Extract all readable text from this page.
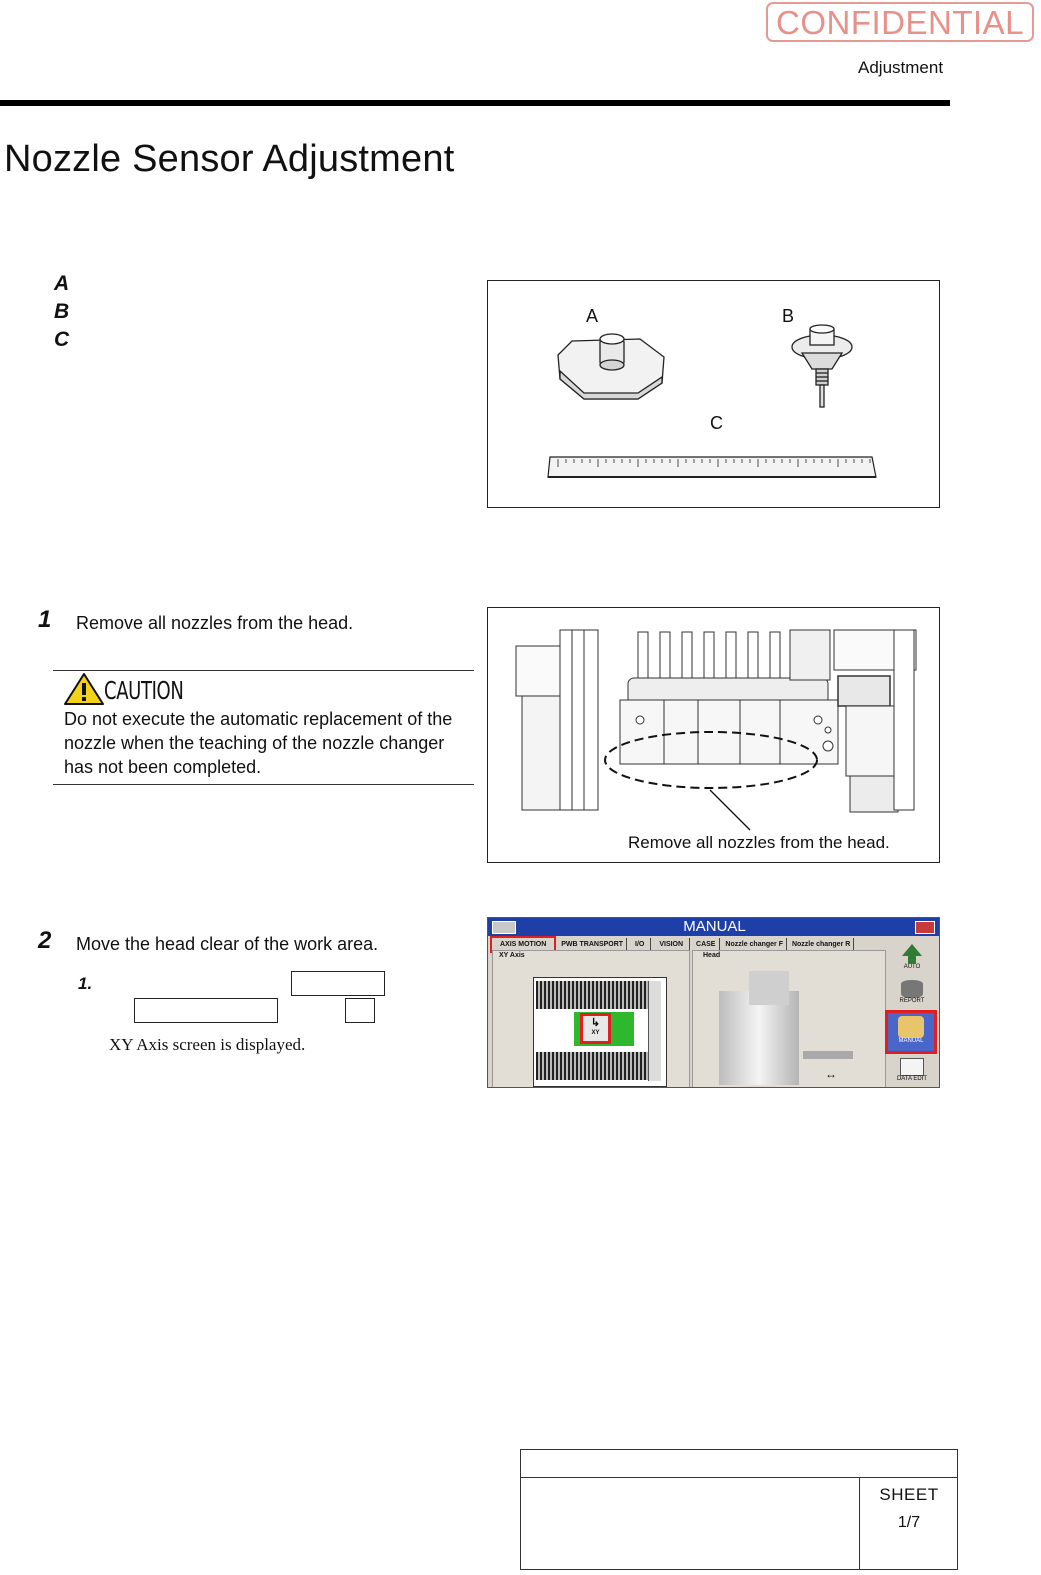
CONFIDENTIAL
Adjustment
Nozzle Sensor Adjustment
A
B
C
A	B
C
1 Remove all nozzles from the head.
CAUTION
Do not execute the automatic replacement of the nozzle when the teaching of the nozzle changer has not been completed.
Remove all nozzles from the head.
2 Move the head clear of the work area.
1.
XY Axis screen is displayed.
MANUAL
AXIS MOTION PWB TRANSPORT I/O VISION CASE Nozzle changer F Nozzle changer R
XY Axis
↳
XY
Head
↔
AUTO
REPORT
MANUAL
DATA EDIT
SHEET
1/7
